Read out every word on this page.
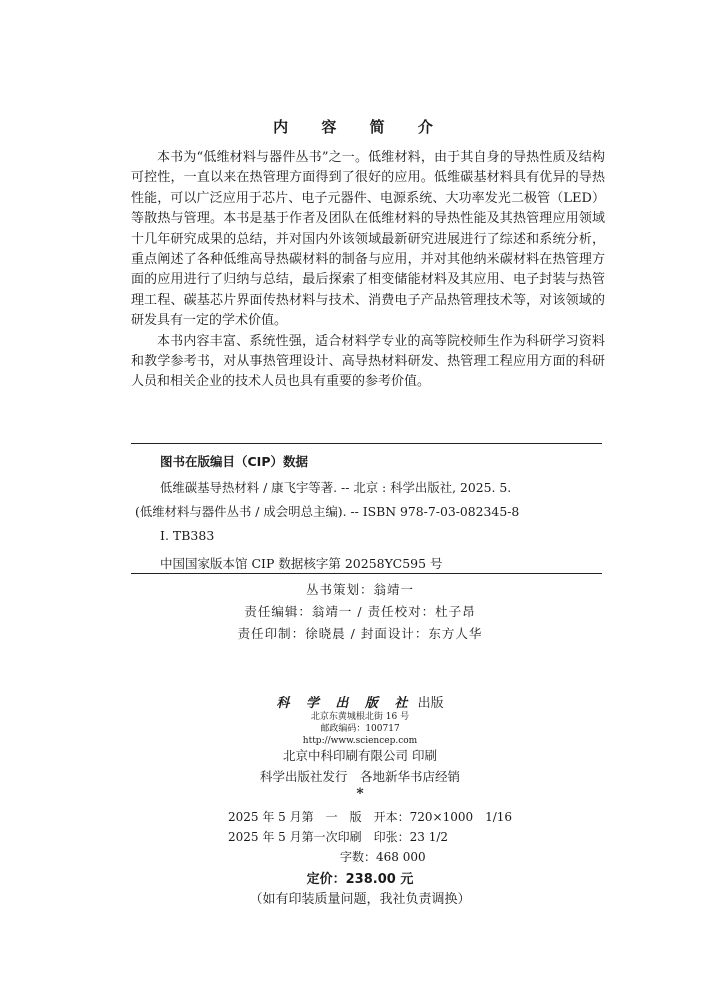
内 容 简 介

本书为“低维材料与器件丛书”之一。低维材料，由于其自身的导热性质及结构可控性，一直以来在热管理方面得到了很好的应用。低维碳基材料具有优异的导热性能，可以广泛应用于芯片、电子元器件、电源系统、大功率发光二极管（LED）等散热与管理。本书是基于作者及团队在低维材料的导热性能及其热管理应用领域十几年研究成果的总结，并对国内外该领域最新研究进展进行了综述和系统分析，重点阐述了各种低维高导热碳材料的制备与应用，并对其他纳米碳材料在热管理方面的应用进行了归纳与总结，最后探索了相变储能材料及其应用、电子封装与热管理工程、碳基芯片界面传热材料与技术、消费电子产品热管理技术等，对该领域的研发具有一定的学术价值。

本书内容丰富、系统性强，适合材料学专业的高等院校师生作为科研学习资料和教学参考书，对从事热管理设计、高导热材料研发、热管理工程应用方面的科研人员和相关企业的技术人员也具有重要的参考价值。

图书在版编目（CIP）数据
低维碳基导热材料 / 康飞宇等著. -- 北京 : 科学出版社, 2025. 5.
(低维材料与器件丛书 / 成会明总主编). -- ISBN 978-7-03-082345-8
Ⅰ. TB383
中国国家版本馆 CIP 数据核字第 20258YC595 号
丛书策划：翁靖一
责任编辑：翁靖一 / 责任校对：杜子昂
责任印制：徐晓晨 / 封面设计：东方人华
科 学 出 版 社 出版
北京东黄城根北街 16 号
邮政编码：100717
http://www.sciencep.com
北京中科印刷有限公司 印刷
科学出版社发行　各地新华书店经销
*
2025 年 5 月第　一　版　开本：720×1000　1/16
2025 年 5 月第一次印刷　印张：23 1/2
字数：468 000
定价：238.00 元
（如有印装质量问题，我社负责调换）
